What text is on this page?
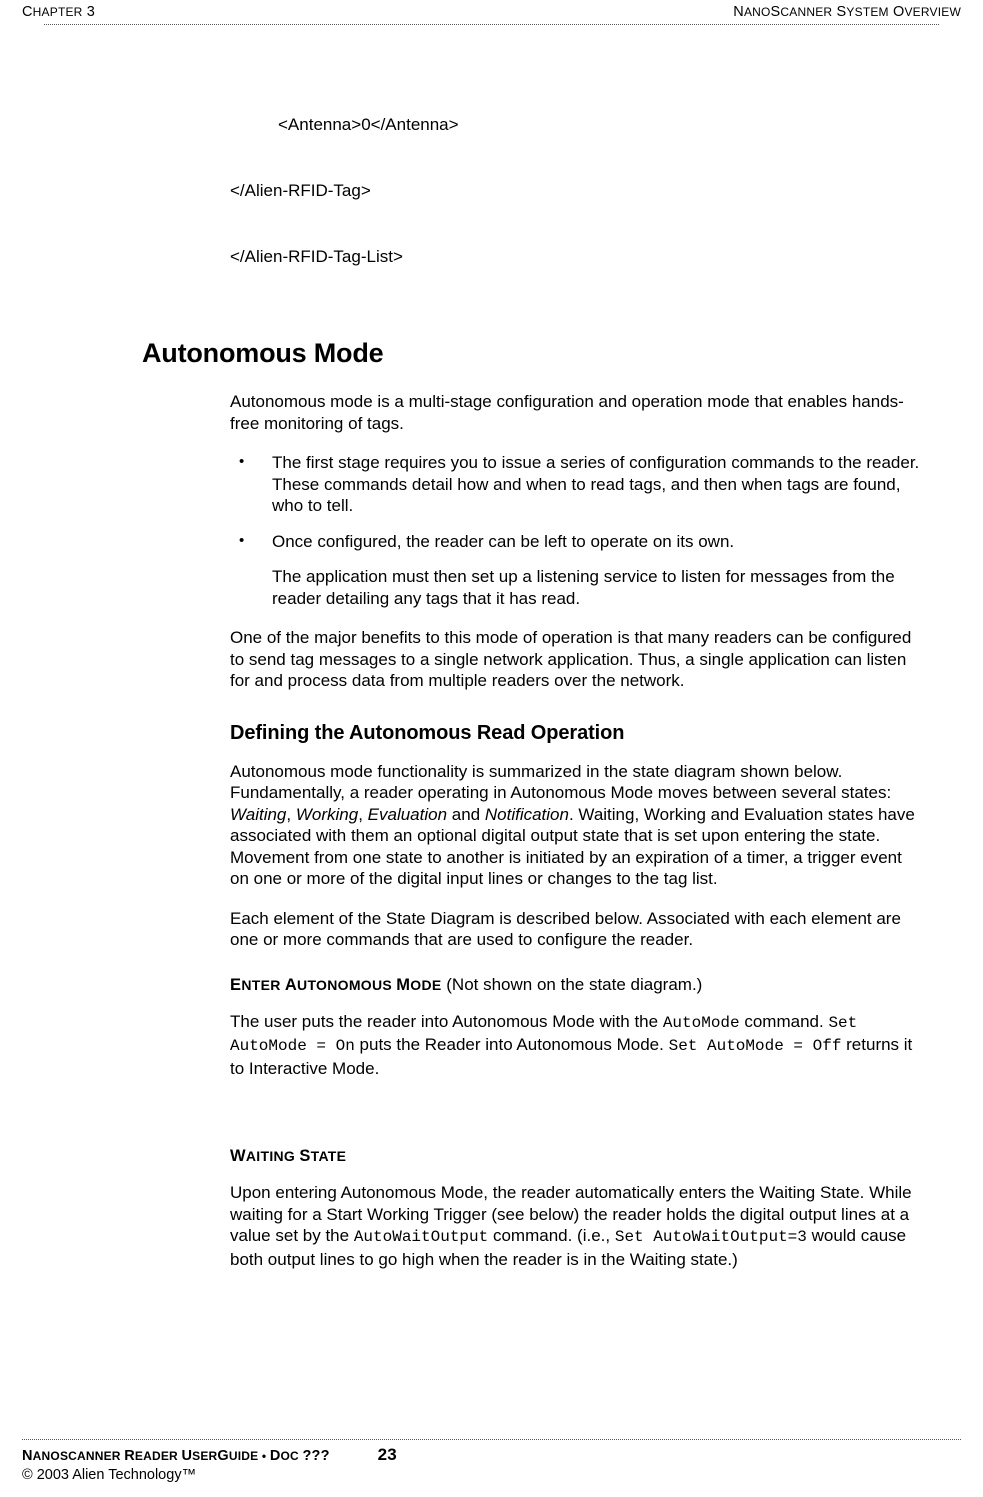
CHAPTER 3	NANOSCANNER SYSTEM OVERVIEW

<Antenna>0</Antenna>

</Alien-RFID-Tag>

</Alien-RFID-Tag-List>

Autonomous Mode

Autonomous mode is a multi-stage configuration and operation mode that enables hands-free monitoring of tags.

• The first stage requires you to issue a series of configuration commands to the reader. These commands detail how and when to read tags, and then when tags are found, who to tell.
• Once configured, the reader can be left to operate on its own.

The application must then set up a listening service to listen for messages from the reader detailing any tags that it has read.

One of the major benefits to this mode of operation is that many readers can be configured to send tag messages to a single network application. Thus, a single application can listen for and process data from multiple readers over the network.

Defining the Autonomous Read Operation

Autonomous mode functionality is summarized in the state diagram shown below. Fundamentally, a reader operating in Autonomous Mode moves between several states: Waiting, Working, Evaluation and Notification. Waiting, Working and Evaluation states have associated with them an optional digital output state that is set upon entering the state. Movement from one state to another is initiated by an expiration of a timer, a trigger event on one or more of the digital input lines or changes to the tag list.

Each element of the State Diagram is described below. Associated with each element are one or more commands that are used to configure the reader.

ENTER AUTONOMOUS MODE (Not shown on the state diagram.)

The user puts the reader into Autonomous Mode with the AutoMode command. Set AutoMode = On puts the Reader into Autonomous Mode. Set AutoMode = Off returns it to Interactive Mode.

WAITING STATE

Upon entering Autonomous Mode, the reader automatically enters the Waiting State. While waiting for a Start Working Trigger (see below) the reader holds the digital output lines at a value set by the AutoWaitOutput command. (i.e., Set AutoWaitOutput=3 would cause both output lines to go high when the reader is in the Waiting state.)

NANOSCANNER READER USERGUIDE • DOC ???	23
© 2003 Alien Technology™
